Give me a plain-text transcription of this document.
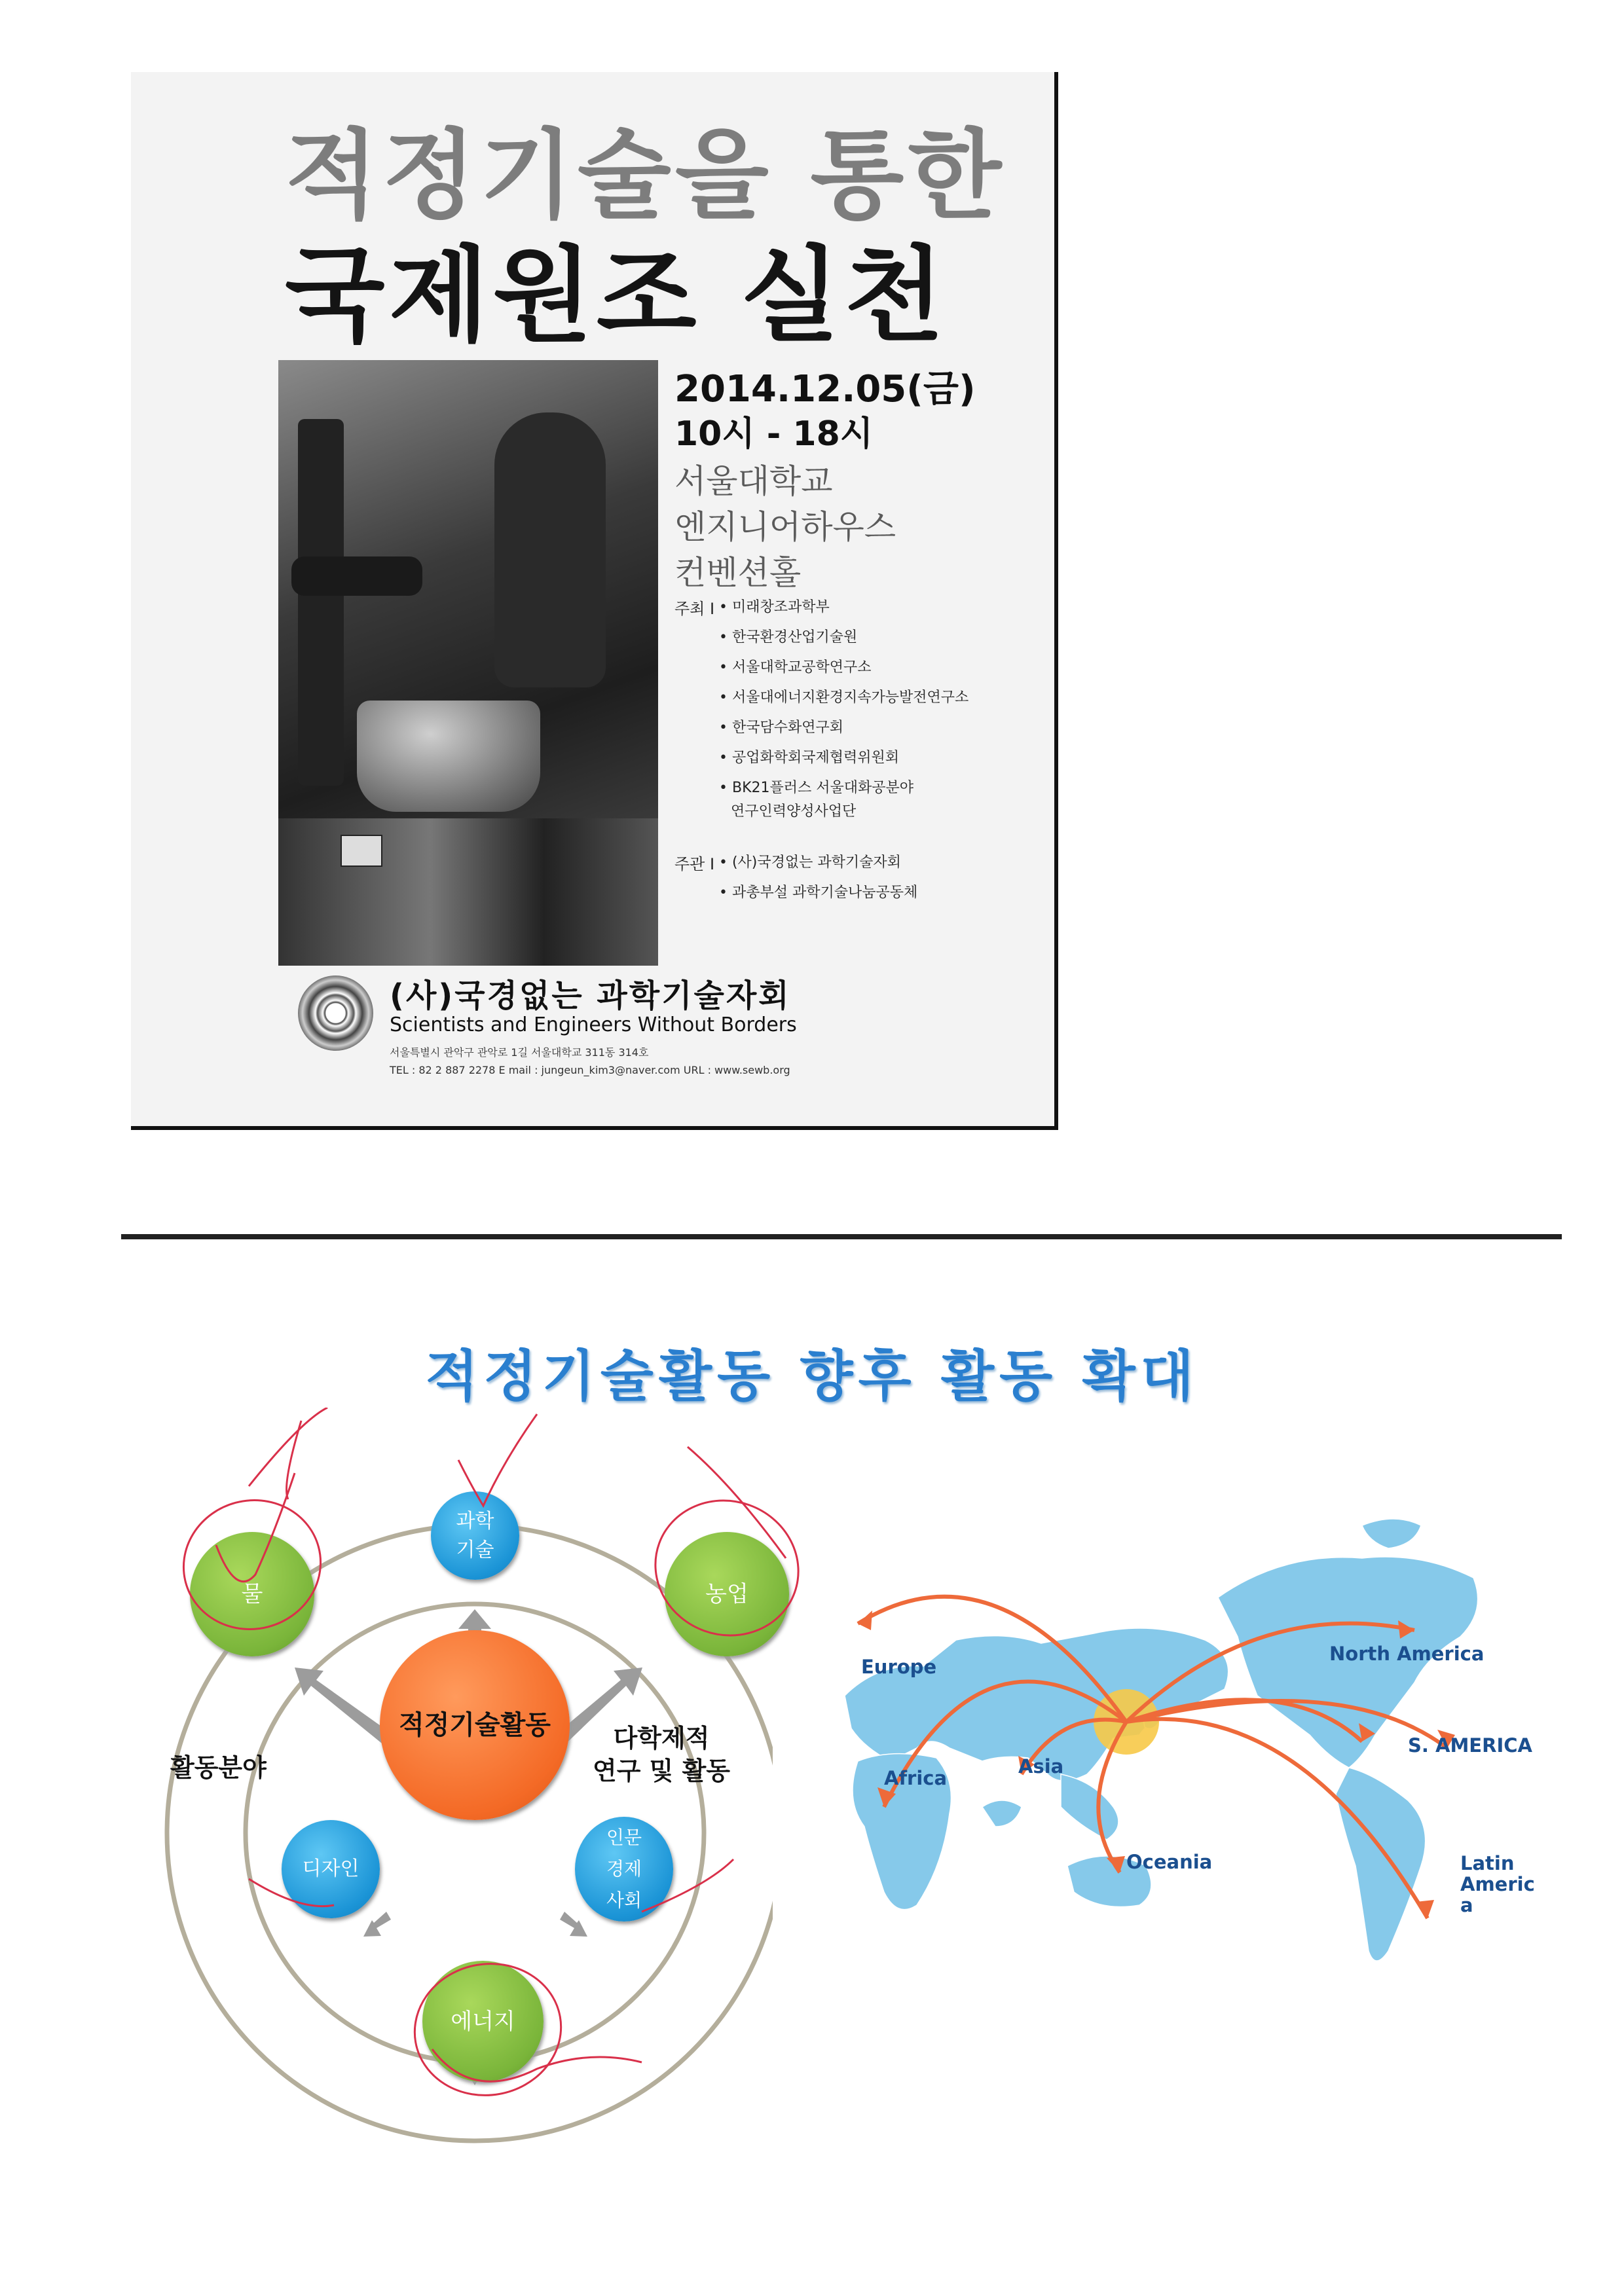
적정기술을 통한
국제원조 실천
2014.12.05(금)
10시 - 18시
서울대학교
엔지니어하우스
컨벤션홀
주최 I • 미래창조과학부
• 한국환경산업기술원
• 서울대학교공학연구소
• 서울대에너지환경지속가능발전연구소
• 한국담수화연구회
• 공업화학회국제협력위원회
• BK21플러스 서울대화공분야
연구인력양성사업단
주관 I • (사)국경없는 과학기술자회
• 과총부설 과학기술나눔공동체
(사)국경없는 과학기술자회
Scientists and Engineers Without Borders
서울특별시 관악구 관악로 1길 서울대학교 311동 314호
TEL : 82 2 887 2278 E mail : jungeun_kim3@naver.com URL : www.sewb.org
적정기술활동 향후 활동 확대
적정기술활동
과학
기술
물	농업
디자인
인문
경제
사회
에너지
활동분야
다학제적
연구 및 활동
Europe
North America
S. AMERICA
Africa
Asia
Oceania	Latin
Americ
a
